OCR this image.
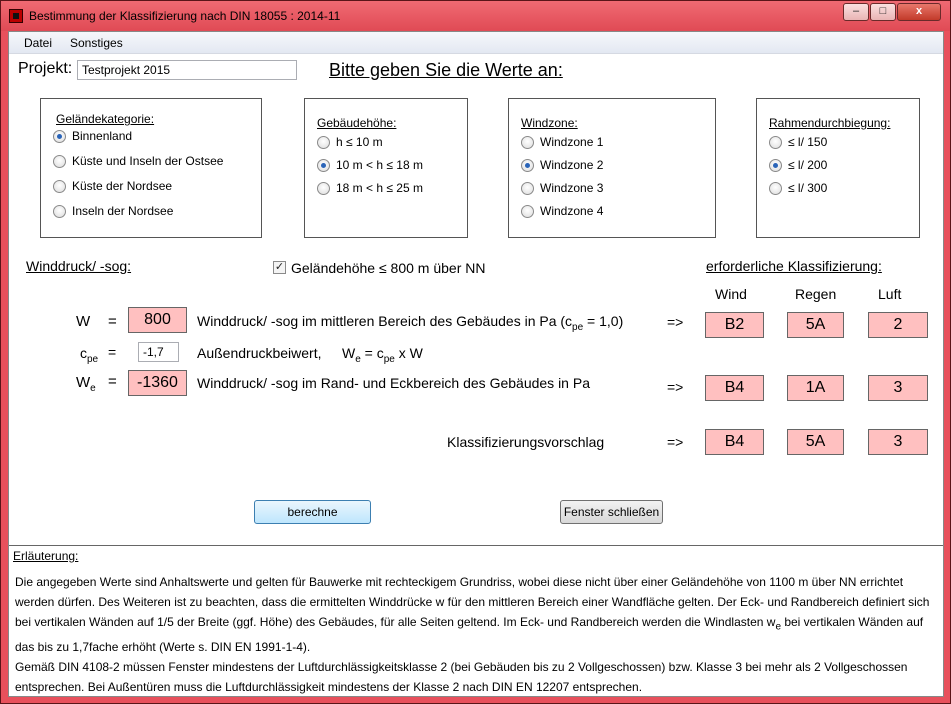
Bestimmung der Klassifizierung nach DIN 18055 : 2014-11	–	□	x
Datei Sonstiges
Projekt: Testprojekt 2015	Bitte geben Sie die Werte an:
Geländekategorie:
Binnenland
Küste und Inseln der Ostsee
Küste der Nordsee
Inseln der Nordsee
Gebäudehöhe:
h ≤ 10 m
10 m < h ≤ 18 m
18 m < h ≤ 25 m
Windzone:
Windzone 1
Windzone 2
Windzone 3
Windzone 4
Rahmendurchbiegung:
≤ l/ 150
≤ l/ 200
≤ l/ 300
Winddruck/ -sog:	✓ Geländehöhe ≤ 800 m über NN	erforderliche Klassifizierung:
Wind	Regen	Luft
W =	800	Winddruck/ -sog im mittleren Bereich des Gebäudes in Pa $(c_{pe} = 1,0)$	=>	B2	5A	2
$c_{pe}$ =	-1,7	Außendruckbeiwert, $W_e = c_{pe}$ x W
$W_e$ =	-1360	Winddruck/ -sog im Rand- und Eckbereich des Gebäudes in Pa	=>	B4	1A	3
Klassifizierungsvorschlag	=>	B4	5A	3
berechne	Fenster schließen
Erläuterung:

Die angegeben Werte sind Anhaltswerte und gelten für Bauwerke mit rechteckigem Grundriss, wobei diese nicht über einer Geländehöhe von 1100 m über NN errichtet werden dürfen. Des Weiteren ist zu beachten, dass die ermittelten Winddrücke w für den mittleren Bereich einer Wandfläche gelten. Der Eck- und Randbereich definiert sich bei vertikalen Wänden auf 1/5 der Breite (ggf. Höhe) des Gebäudes, für alle Seiten geltend. Im Eck- und Randbereich werden die Windlasten $w_e$ bei vertikalen Wänden auf das bis zu 1,7fache erhöht (Werte s. DIN EN 1991-1-4).

Gemäß DIN 4108-2 müssen Fenster mindestens der Luftdurchlässigkeitsklasse 2 (bei Gebäuden bis zu 2 Vollgeschossen) bzw. Klasse 3 bei mehr als 2 Vollgeschossen entsprechen. Bei Außentüren muss die Luftdurchlässigkeit mindestens der Klasse 2 nach DIN EN 12207 entsprechen.
